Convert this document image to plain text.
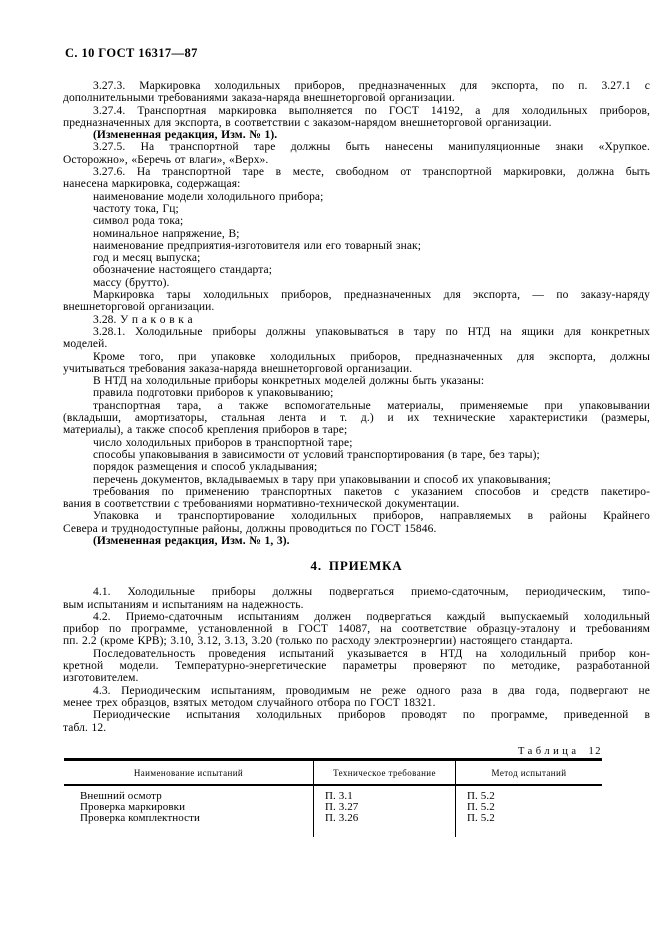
С. 10 ГОСТ 16317—87
3.27.3. Маркировка холодильных приборов, предназначенных для экспорта, по п. 3.27.1 с
дополнительными требованиями заказа-наряда внешнеторговой организации.
3.27.4. Транспортная маркировка выполняется по ГОСТ 14192, а для холодильных приборов,
предназначенных для экспорта, в соответствии с заказом-нарядом внешнеторговой организации.
(Измененная редакция, Изм. № 1).
3.27.5. На транспортной таре должны быть нанесены манипуляционные знаки «Хрупкое.
Осторожно», «Беречь от влаги», «Верх».
3.27.6. На транспортной таре в месте, свободном от транспортной маркировки, должна быть
нанесена маркировка, содержащая:
наименование модели холодильного прибора;
частоту тока, Гц;
символ рода тока;
номинальное напряжение, В;
наименование предприятия-изготовителя или его товарный знак;
год и месяц выпуска;
обозначение настоящего стандарта;
массу (брутто).
Маркировка тары холодильных приборов, предназначенных для экспорта, — по заказу-наряду
внешнеторговой организации.
3.28. У п а к о в к а
3.28.1. Холодильные приборы должны упаковываться в тару по НТД на ящики для конкретных
моделей.
Кроме того, при упаковке холодильных приборов, предназначенных для экспорта, должны
учитываться требования заказа-наряда внешнеторговой организации.
В НТД на холодильные приборы конкретных моделей должны быть указаны:
правила подготовки приборов к упаковыванию;
транспортная тара, а также вспомогательные материалы, применяемые при упаковывании
(вкладыши, амортизаторы, стальная лента и т. д.) и их технические характеристики (размеры,
материалы), а также способ крепления приборов в таре;
число холодильных приборов в транспортной таре;
способы упаковывания в зависимости от условий транспортирования (в таре, без тары);
порядок размещения и способ укладывания;
перечень документов, вкладываемых в тару при упаковывании и способ их упаковывания;
требования по применению транспортных пакетов с указанием способов и средств пакетиро-
вания в соответствии с требованиями нормативно-технической документации.
Упаковка и транспортирование холодильных приборов, направляемых в районы Крайнего
Севера и труднодоступные районы, должны проводиться по ГОСТ 15846.
(Измененная редакция, Изм. № 1, 3).
4. ПРИЕМКА
4.1. Холодильные приборы должны подвергаться приемо-сдаточным, периодическим, типо-
вым испытаниям и испытаниям на надежность.
4.2. Приемо-сдаточным испытаниям должен подвергаться каждый выпускаемый холодильный
прибор по программе, установленной в ГОСТ 14087, на соответствие образцу-эталону и требованиям
пп. 2.2 (кроме КРВ); 3.10, 3.12, 3.13, 3.20 (только по расходу электроэнергии) настоящего стандарта.
Последовательность проведения испытаний указывается в НТД на холодильный прибор кон-
кретной модели. Температурно-энергетические параметры проверяют по методике, разработанной
изготовителем.
4.3. Периодическим испытаниям, проводимым не реже одного раза в два года, подвергают не
менее трех образцов, взятых методом случайного отбора по ГОСТ 18321.
Периодические испытания холодильных приборов проводят по программе, приведенной в
табл. 12.
Таблица 12
Наименование испытаний	Техническое требование	Метод испытаний
Внешний осмотр
Проверка маркировки
Проверка комплектности
П. 3.1
П. 3.27
П. 3.26
П. 5.2
П. 5.2
П. 5.2
